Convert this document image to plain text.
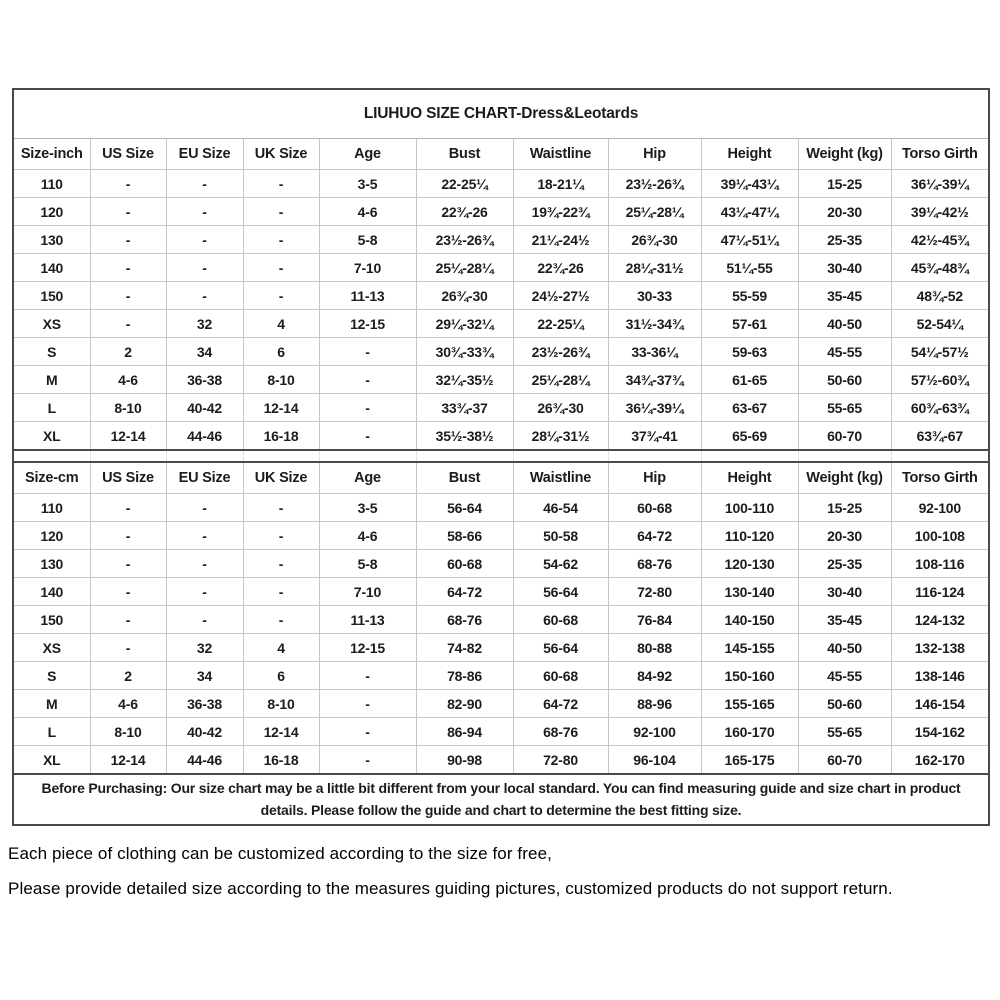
LIUHUO SIZE CHART-Dress&Leotards										
Size-inch	US Size	EU Size	UK Size	Age	Bust	Waistline	Hip	Height	Weight (kg)	Torso Girth
110	-	-	-	3-5	22-25¼	18-21¼	23½-26¾	39¼-43¼	15-25	36¼-39¼
120	-	-	-	4-6	22¾-26	19¾-22¾	25¼-28¼	43¼-47¼	20-30	39¼-42½
130	-	-	-	5-8	23½-26¾	21¼-24½	26¾-30	47¼-51¼	25-35	42½-45¾
140	-	-	-	7-10	25¼-28¼	22¾-26	28¼-31½	51¼-55	30-40	45¾-48¾
150	-	-	-	11-13	26¾-30	24½-27½	30-33	55-59	35-45	48¾-52
XS	-	32	4	12-15	29¼-32¼	22-25¼	31½-34¾	57-61	40-50	52-54¼
S	2	34	6	-	30¾-33¾	23½-26¾	33-36¼	59-63	45-55	54¼-57½
M	4-6	36-38	8-10	-	32¼-35½	25¼-28¼	34¾-37¾	61-65	50-60	57½-60¾
L	8-10	40-42	12-14	-	33¾-37	26¾-30	36¼-39¼	63-67	55-65	60¾-63¾
XL	12-14	44-46	16-18	-	35½-38½	28¼-31½	37¾-41	65-69	60-70	63¾-67

Size-cm	US Size	EU Size	UK Size	Age	Bust	Waistline	Hip	Height	Weight (kg)	Torso Girth
110	-	-	-	3-5	56-64	46-54	60-68	100-110	15-25	92-100
120	-	-	-	4-6	58-66	50-58	64-72	110-120	20-30	100-108
130	-	-	-	5-8	60-68	54-62	68-76	120-130	25-35	108-116
140	-	-	-	7-10	64-72	56-64	72-80	130-140	30-40	116-124
150	-	-	-	11-13	68-76	60-68	76-84	140-150	35-45	124-132
XS	-	32	4	12-15	74-82	56-64	80-88	145-155	40-50	132-138
S	2	34	6	-	78-86	60-68	84-92	150-160	45-55	138-146
M	4-6	36-38	8-10	-	82-90	64-72	88-96	155-165	50-60	146-154
L	8-10	40-42	12-14	-	86-94	68-76	92-100	160-170	55-65	154-162
XL	12-14	44-46	16-18	-	90-98	72-80	96-104	165-175	60-70	162-170
Before Purchasing: Our size chart may be a little bit different from your local standard. You can find measuring guide and size chart in product details. Please follow the guide and chart to determine the best fitting size.										

Each piece of clothing can be customized according to the size for free,

Please provide detailed size according to the measures guiding pictures, customized products do not support return.
